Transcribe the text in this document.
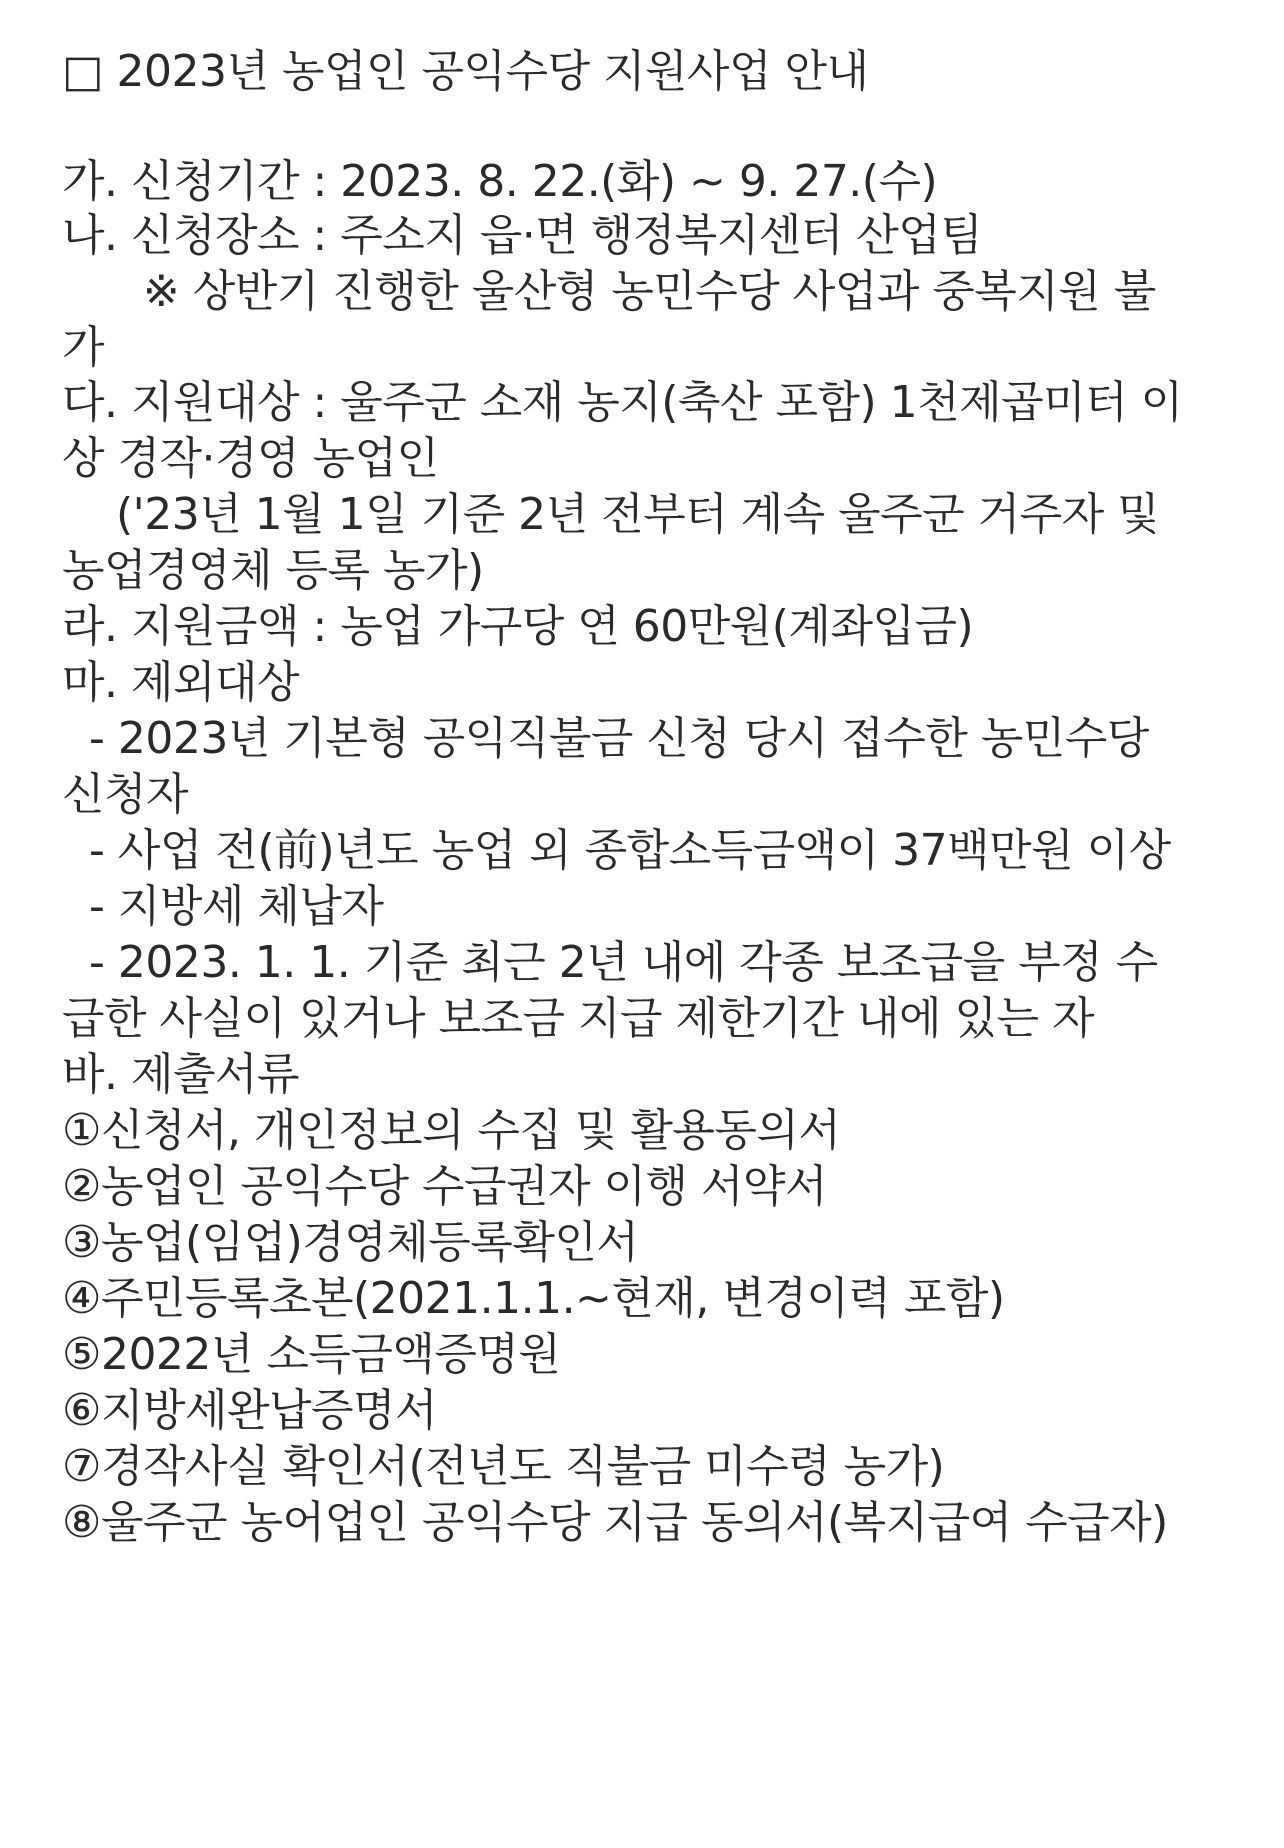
□ 2023년 농업인 공익수당 지원사업 안내
가. 신청기간 : 2023. 8. 22.(화) ~ 9. 27.(수)
나. 신청장소 : 주소지 읍·면 행정복지센터 산업팀
※ 상반기 진행한 울산형 농민수당 사업과 중복지원 불
가
다. 지원대상 : 울주군 소재 농지(축산 포함) 1천제곱미터 이
상 경작·경영 농업인
('23년 1월 1일 기준 2년 전부터 계속 울주군 거주자 및
농업경영체 등록 농가)
라. 지원금액 : 농업 가구당 연 60만원(계좌입금)
마. 제외대상
- 2023년 기본형 공익직불금 신청 당시 접수한 농민수당
신청자
- 사업 전(前)년도 농업 외 종합소득금액이 37백만원 이상
- 지방세 체납자
- 2023. 1. 1. 기준 최근 2년 내에 각종 보조급을 부정 수
급한 사실이 있거나 보조금 지급 제한기간 내에 있는 자
바. 제출서류
①신청서, 개인정보의 수집 및 활용동의서
②농업인 공익수당 수급권자 이행 서약서
③농업(임업)경영체등록확인서
④주민등록초본(2021.1.1.~현재, 변경이력 포함)
⑤2022년 소득금액증명원
⑥지방세완납증명서
⑦경작사실 확인서(전년도 직불금 미수령 농가)
⑧울주군 농어업인 공익수당 지급 동의서(복지급여 수급자)
